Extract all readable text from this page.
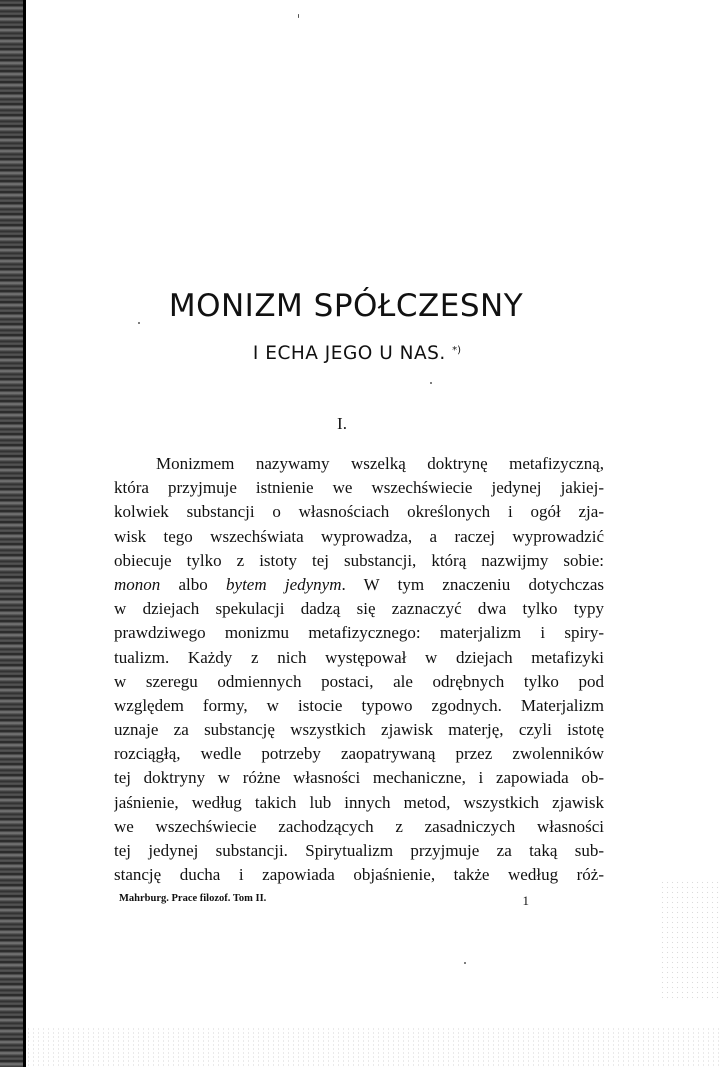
MONIZM SPÓŁCZESNY
I ECHA JEGO U NAS. *)
I.
Monizmem nazywamy wszelką doktrynę metafizyczną,
która przyjmuje istnienie we wszechświecie jedynej jakiej-
kolwiek substancji o własnościach określonych i ogół zja-
wisk tego wszechświata wyprowadza, a raczej wyprowadzić
obiecuje tylko z istoty tej substancji, którą nazwijmy sobie:
monon albo bytem jedynym. W tym znaczeniu dotychczas
w dziejach spekulacji dadzą się zaznaczyć dwa tylko typy
prawdziwego monizmu metafizycznego: materjalizm i spiry-
tualizm. Każdy z nich występował w dziejach metafizyki
w szeregu odmiennych postaci, ale odrębnych tylko pod
względem formy, w istocie typowo zgodnych. Materjalizm
uznaje za substancję wszystkich zjawisk materję, czyli istotę
rozciągłą, wedle potrzeby zaopatrywaną przez zwolenników
tej doktryny w różne własności mechaniczne, i zapowiada ob-
jaśnienie, według takich lub innych metod, wszystkich zjawisk
we wszechświecie zachodzących z zasadniczych własności
tej jedynej substancji. Spirytualizm przyjmuje za taką sub-
stancję ducha i zapowiada objaśnienie, także według róż-
Mahrburg. Prace filozof. Tom II.	1
